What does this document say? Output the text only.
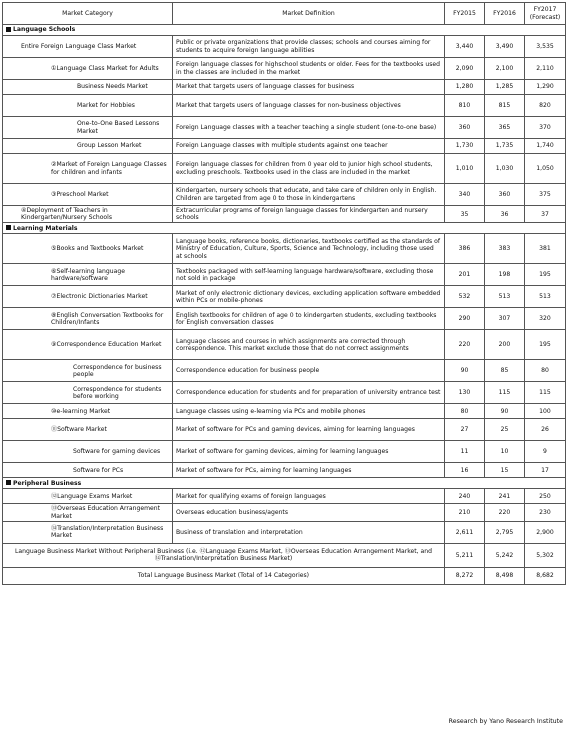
Market Category	Market Definition	FY2015	FY2016	FY2017
(Forecast)
Language Schools				
Entire Foreign Language Class Market	Public or private organizations that provide classes; schools and courses aiming for students to acquire foreign language abilities	3,440	3,490	3,535
①Language Class Market for Adults	Foreign language classes for highschool students or older. Fees for the textbooks used in the classes are included in the market	2,090	2,100	2,110
Business Needs Market	Market that targets users of language classes for business	1,280	1,285	1,290
Market for Hobbies	Market that targets users of language classes for non-business objectives	810	815	820
One-to-One Based Lessons Market	Foreign Language classes with a teacher teaching a single student (one-to-one base)	360	365	370
Group Lesson Market	Foreign Language classes with multiple students against one teacher	1,730	1,735	1,740
②Market of Foreign Language Classes for children and infants	Foreign language classes for children from 0 year old to junior high school students, excluding preschools. Textbooks used in the class are included in the market	1,010	1,030	1,050
③Preschool Market	Kindergarten, nursery schools that educate, and take care of children only in English. Children are targeted from age 0 to those in kindergartens	340	360	375
④Deployment of Teachers in Kindergarten/Nursery Schools	Extracurricular programs of foreign language classes for kindergarten and nursery schools	35	36	37
Learning Materials				
⑤Books and Textbooks Market	Language books, reference books, dictionaries, textbooks certified as the standards of Ministry of Education, Culture, Sports, Science and Technology, including those used at schools	386	383	381
⑥Self-learning language hardware/software	Textbooks packaged with self-learning language hardware/software, excluding those not sold in package	201	198	195
⑦Electronic Dictionaries Market	Market of only electronic dictionary devices, excluding application software embedded within PCs or mobile-phones	532	513	513
⑧English Conversation Textbooks for Children/Infants	English textbooks for children of age 0 to kindergarten students, excluding textbooks for English conversation classes	290	307	320
⑨Correspondence Education Market	Language classes and courses in which assignments are corrected through correspondence. This market exclude those that do not correct assignments	220	200	195
Correspondence for business people	Correspondence education for business people	90	85	80
Correspondence for students before working	Correspondence education for students and for preparation of university entrance test	130	115	115
⑩e-learning Market	Language classes using e-learning via PCs and mobile phones	80	90	100
⑪Software Market	Market of software for PCs and gaming devices, aiming for learning languages	27	25	26
Software for gaming devices	Market of software for gaming devices, aiming for learning languages	11	10	9
Software for PCs	Market of software for PCs, aiming for learning languages	16	15	17
Peripheral Business				
⑫Language Exams Market	Market for qualifying exams of foreign languages	240	241	250
⑬Overseas Education Arrangement Market	Overseas education business/agents	210	220	230
⑭Translation/Interpretation Business Market	Business of translation and interpretation	2,611	2,795	2,900
Language Business Market Without Peripheral Business (i.e. ⑫Language Exams Market, ⑬Overseas Education Arrangement Market, and ⑭Translation/Interpretation Business Market)		5,211	5,242	5,302
Total Language Business Market (Total of 14 Categories)		8,272	8,498	8,682
Research by Yano Research Institute
